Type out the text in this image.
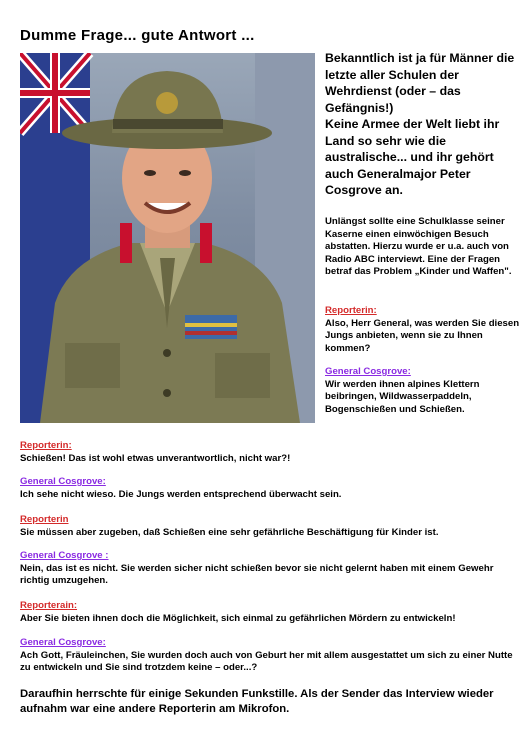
Dumme Frage... gute Antwort ...

Bekanntlich ist ja für Männer die letzte aller Schulen der Wehrdienst (oder – das Gefängnis!)

Keine Armee der Welt liebt ihr Land so sehr wie die australische... und ihr gehört auch Generalmajor Peter Cosgrove an.

Unlängst sollte eine Schulklasse seiner Kaserne einen einwöchigen Besuch abstatten. Hierzu wurde er u.a. auch von Radio ABC interviewt. Eine der Fragen betraf das Problem „Kinder und Waffen".
Reporterin:
Also, Herr General, was werden Sie diesen Jungs anbieten, wenn sie zu Ihnen kommen?
General Cosgrove:
Wir werden ihnen alpines Klettern beibringen, Wildwasserpaddeln, Bogenschießen und Schießen.
Reporterin:
Schießen! Das ist wohl etwas unverantwortlich, nicht war?!
General Cosgrove:
Ich sehe nicht wieso. Die Jungs werden entsprechend überwacht sein.
Reporterin
Sie müssen aber zugeben, daß Schießen eine sehr gefährliche Beschäftigung für Kinder ist.
General Cosgrove :
Nein, das ist es nicht. Sie werden sicher nicht schießen bevor sie nicht gelernt haben mit einem Gewehr richtig umzugehen.
Reporterain:
Aber Sie bieten ihnen doch die Möglichkeit, sich einmal zu gefährlichen Mördern zu entwickeln!
General Cosgrove:
Ach Gott, Fräuleinchen, Sie wurden doch auch von Geburt her mit allem ausgestattet um sich zu einer Nutte zu entwickeln und Sie sind trotzdem keine – oder...?
Daraufhin herrschte für einige Sekunden Funkstille. Als der Sender das Interview wieder aufnahm war eine andere Reporterin am Mikrofon.
